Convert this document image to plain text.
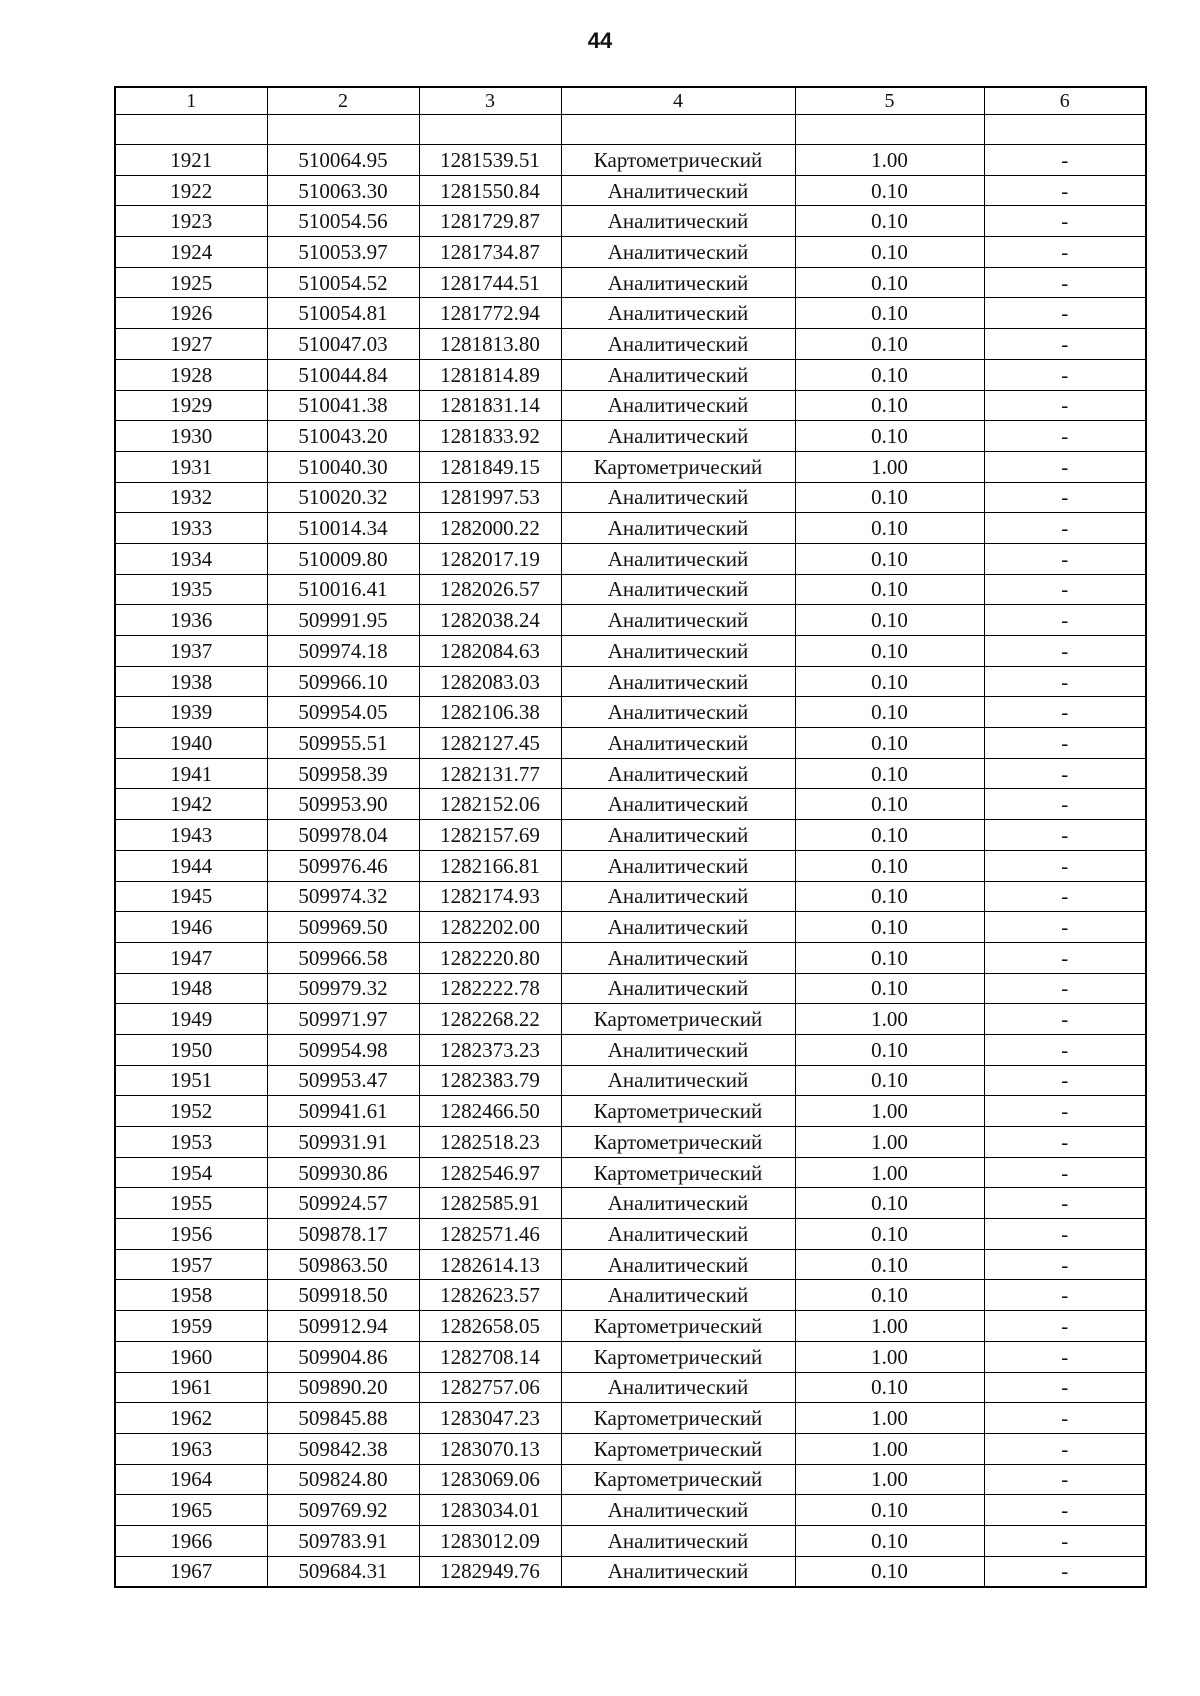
44
1	2	3	4	5	6

1921	510064.95	1281539.51	Картометрический	1.00	-
1922	510063.30	1281550.84	Аналитический	0.10	-
1923	510054.56	1281729.87	Аналитический	0.10	-
1924	510053.97	1281734.87	Аналитический	0.10	-
1925	510054.52	1281744.51	Аналитический	0.10	-
1926	510054.81	1281772.94	Аналитический	0.10	-
1927	510047.03	1281813.80	Аналитический	0.10	-
1928	510044.84	1281814.89	Аналитический	0.10	-
1929	510041.38	1281831.14	Аналитический	0.10	-
1930	510043.20	1281833.92	Аналитический	0.10	-
1931	510040.30	1281849.15	Картометрический	1.00	-
1932	510020.32	1281997.53	Аналитический	0.10	-
1933	510014.34	1282000.22	Аналитический	0.10	-
1934	510009.80	1282017.19	Аналитический	0.10	-
1935	510016.41	1282026.57	Аналитический	0.10	-
1936	509991.95	1282038.24	Аналитический	0.10	-
1937	509974.18	1282084.63	Аналитический	0.10	-
1938	509966.10	1282083.03	Аналитический	0.10	-
1939	509954.05	1282106.38	Аналитический	0.10	-
1940	509955.51	1282127.45	Аналитический	0.10	-
1941	509958.39	1282131.77	Аналитический	0.10	-
1942	509953.90	1282152.06	Аналитический	0.10	-
1943	509978.04	1282157.69	Аналитический	0.10	-
1944	509976.46	1282166.81	Аналитический	0.10	-
1945	509974.32	1282174.93	Аналитический	0.10	-
1946	509969.50	1282202.00	Аналитический	0.10	-
1947	509966.58	1282220.80	Аналитический	0.10	-
1948	509979.32	1282222.78	Аналитический	0.10	-
1949	509971.97	1282268.22	Картометрический	1.00	-
1950	509954.98	1282373.23	Аналитический	0.10	-
1951	509953.47	1282383.79	Аналитический	0.10	-
1952	509941.61	1282466.50	Картометрический	1.00	-
1953	509931.91	1282518.23	Картометрический	1.00	-
1954	509930.86	1282546.97	Картометрический	1.00	-
1955	509924.57	1282585.91	Аналитический	0.10	-
1956	509878.17	1282571.46	Аналитический	0.10	-
1957	509863.50	1282614.13	Аналитический	0.10	-
1958	509918.50	1282623.57	Аналитический	0.10	-
1959	509912.94	1282658.05	Картометрический	1.00	-
1960	509904.86	1282708.14	Картометрический	1.00	-
1961	509890.20	1282757.06	Аналитический	0.10	-
1962	509845.88	1283047.23	Картометрический	1.00	-
1963	509842.38	1283070.13	Картометрический	1.00	-
1964	509824.80	1283069.06	Картометрический	1.00	-
1965	509769.92	1283034.01	Аналитический	0.10	-
1966	509783.91	1283012.09	Аналитический	0.10	-
1967	509684.31	1282949.76	Аналитический	0.10	-
